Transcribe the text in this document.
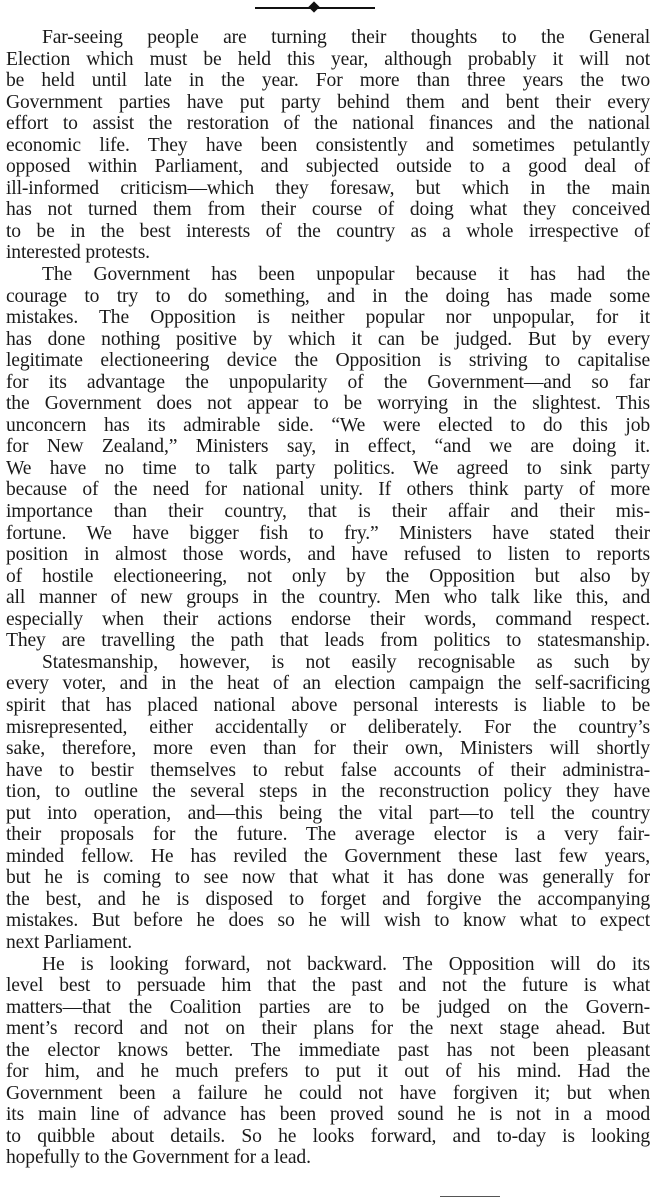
Far-seeing people are turning their thoughts to the General
Election which must be held this year, although probably it will not
be held until late in the year. For more than three years the two
Government parties have put party behind them and bent their every
effort to assist the restoration of the national finances and the national
economic life. They have been consistently and sometimes petulantly
opposed within Parliament, and subjected outside to a good deal of
ill-informed criticism—which they foresaw, but which in the main
has not turned them from their course of doing what they conceived
to be in the best interests of the country as a whole irrespective of
interested protests.
The Government has been unpopular because it has had the
courage to try to do something, and in the doing has made some
mistakes. The Opposition is neither popular nor unpopular, for it
has done nothing positive by which it can be judged. But by every
legitimate electioneering device the Opposition is striving to capitalise
for its advantage the unpopularity of the Government—and so far
the Government does not appear to be worrying in the slightest. This
unconcern has its admirable side. “We were elected to do this job
for New Zealand,” Ministers say, in effect, “and we are doing it.
We have no time to talk party politics. We agreed to sink party
because of the need for national unity. If others think party of more
importance than their country, that is their affair and their mis-
fortune. We have bigger fish to fry.” Ministers have stated their
position in almost those words, and have refused to listen to reports
of hostile electioneering, not only by the Opposition but also by
all manner of new groups in the country. Men who talk like this, and
especially when their actions endorse their words, command respect.
They are travelling the path that leads from politics to statesmanship.
Statesmanship, however, is not easily recognisable as such by
every voter, and in the heat of an election campaign the self-sacrificing
spirit that has placed national above personal interests is liable to be
misrepresented, either accidentally or deliberately. For the country’s
sake, therefore, more even than for their own, Ministers will shortly
have to bestir themselves to rebut false accounts of their administra-
tion, to outline the several steps in the reconstruction policy they have
put into operation, and—this being the vital part—to tell the country
their proposals for the future. The average elector is a very fair-
minded fellow. He has reviled the Government these last few years,
but he is coming to see now that what it has done was generally for
the best, and he is disposed to forget and forgive the accompanying
mistakes. But before he does so he will wish to know what to expect
next Parliament.
He is looking forward, not backward. The Opposition will do its
level best to persuade him that the past and not the future is what
matters—that the Coalition parties are to be judged on the Govern-
ment’s record and not on their plans for the next stage ahead. But
the elector knows better. The immediate past has not been pleasant
for him, and he much prefers to put it out of his mind. Had the
Government been a failure he could not have forgiven it; but when
its main line of advance has been proved sound he is not in a mood
to quibble about details. So he looks forward, and to-day is looking
hopefully to the Government for a lead.
